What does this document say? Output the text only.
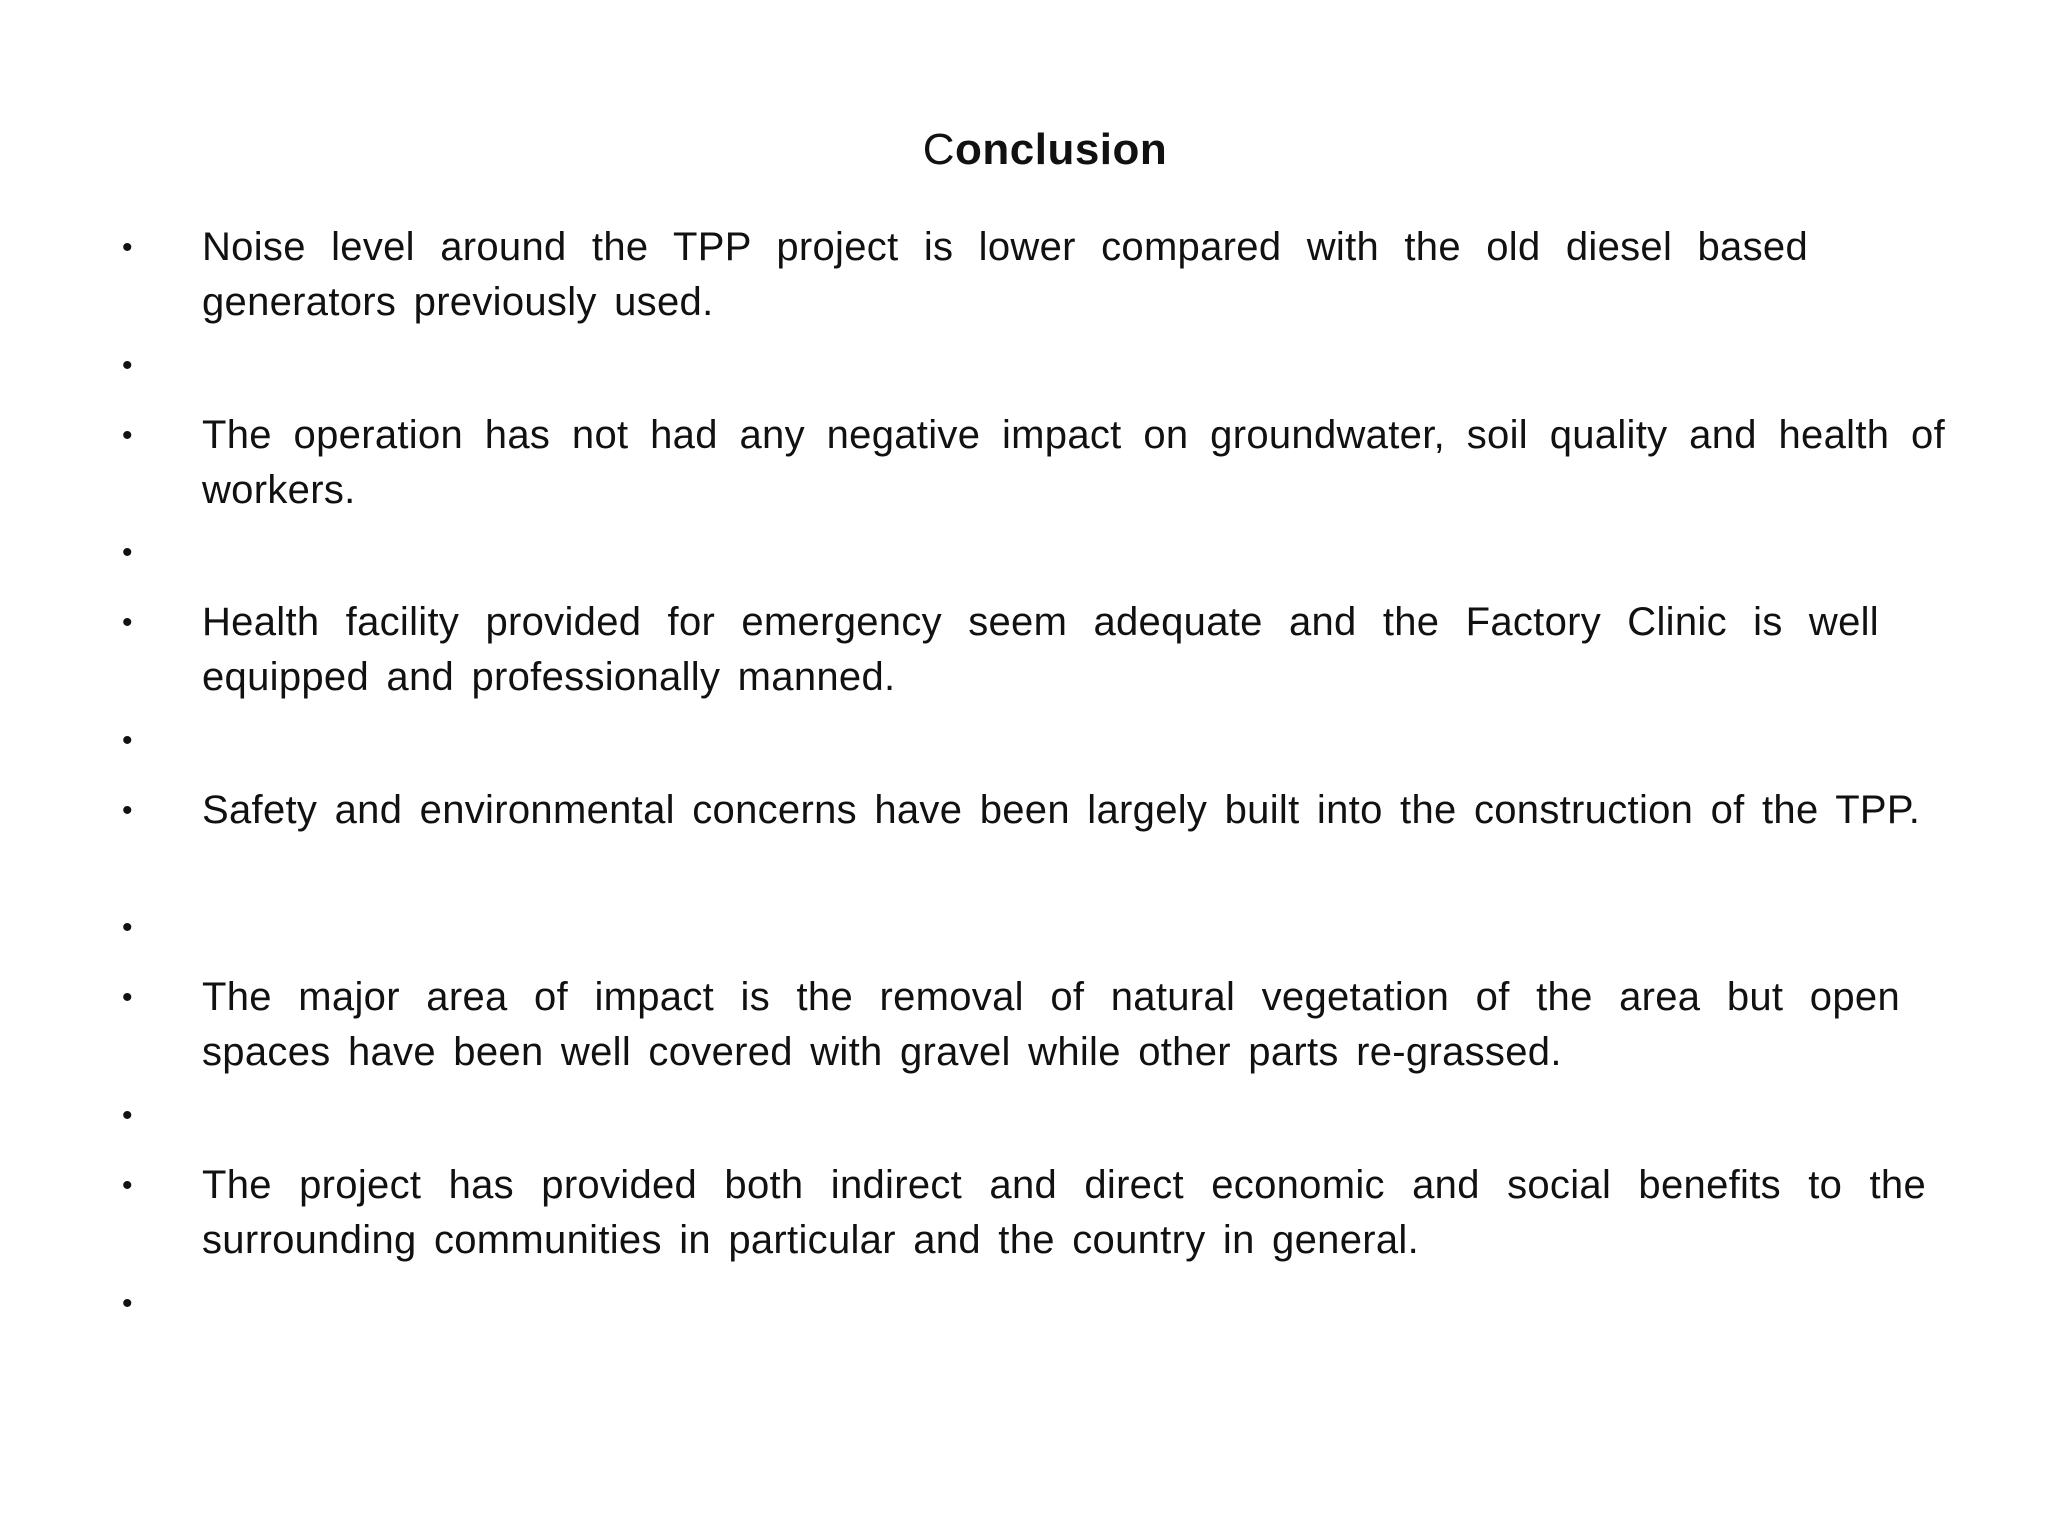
Conclusion
• Noise level around the TPP project is lower compared with the old diesel based generators previously used.
•
• The operation has not had any negative impact on groundwater, soil quality and health of workers.
•
• Health facility provided for emergency seem adequate and the Factory Clinic is well equipped and professionally manned.
•
• Safety and environmental concerns have been largely built into the construction of the TPP.
•
• The major area of impact is the removal of natural vegetation of the area but open spaces have been well covered with gravel while other parts re-grassed.
•
• The project has provided both indirect and direct economic and social benefits to the surrounding communities in particular and the country in general.
•
